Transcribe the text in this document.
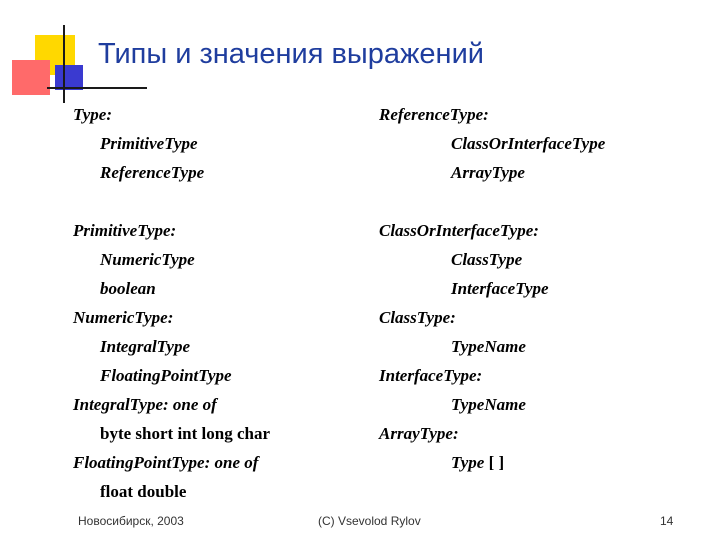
Типы и значения выражений
Type:
PrimitiveType
ReferenceType
PrimitiveType:
NumericType
boolean
NumericType:
IntegralType
FloatingPointType
IntegralType: one of
byte short int long char
FloatingPointType: one of
float double
ReferenceType:
ClassOrInterfaceType
ArrayType
ClassOrInterfaceType:
ClassType
InterfaceType
ClassType:
TypeName
InterfaceType:
TypeName
ArrayType:
Type [ ]
Новосибирск, 2003	(C) Vsevolod Rylov	14
